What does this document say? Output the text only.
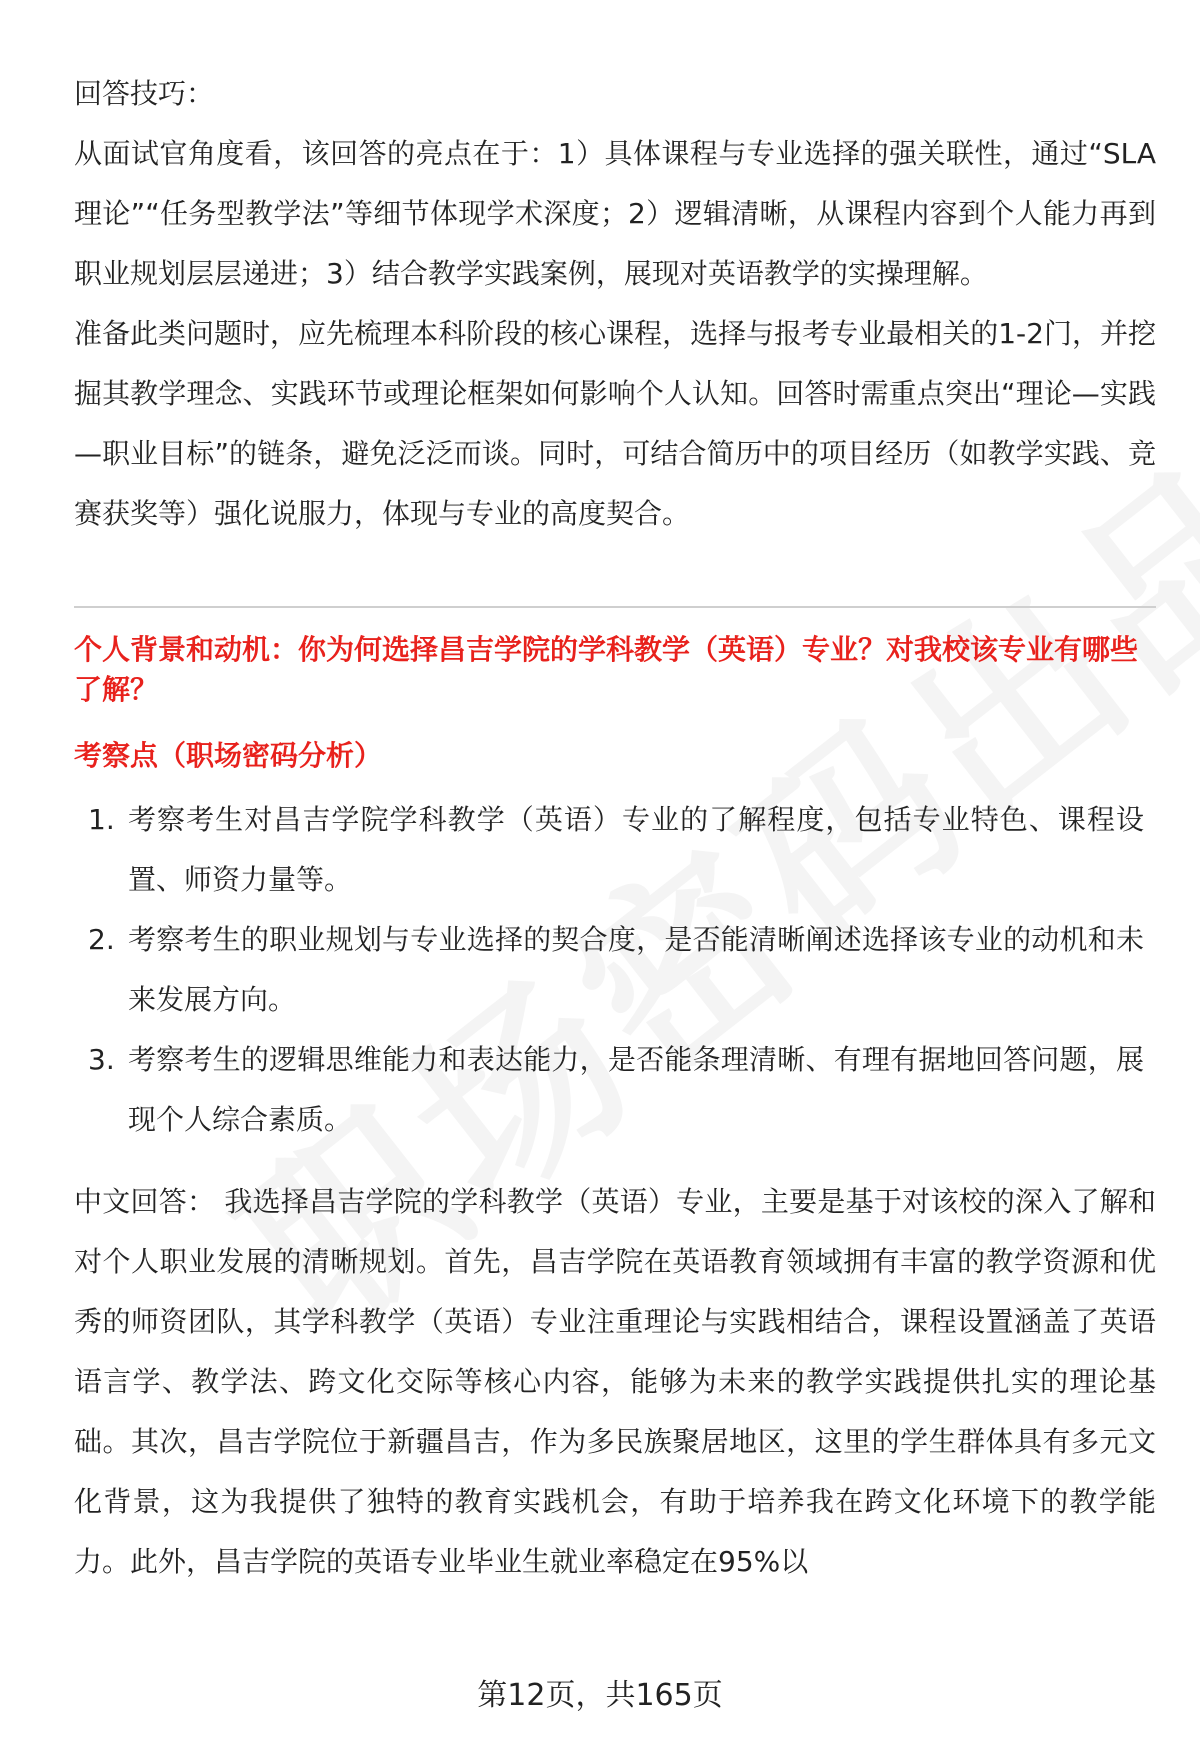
回答技巧：

从面试官角度看，该回答的亮点在于：1）具体课程与专业选择的强关联性，通过“SLA理论”“任务型教学法”等细节体现学术深度；2）逻辑清晰，从课程内容到个人能力再到职业规划层层递进；3）结合教学实践案例，展现对英语教学的实操理解。

准备此类问题时，应先梳理本科阶段的核心课程，选择与报考专业最相关的1-2门，并挖掘其教学理念、实践环节或理论框架如何影响个人认知。回答时需重点突出“理论—实践—职业目标”的链条，避免泛泛而谈。同时，可结合简历中的项目经历（如教学实践、竞赛获奖等）强化说服力，体现与专业的高度契合。

个人背景和动机：你为何选择昌吉学院的学科教学（英语）专业？对我校该专业有哪些了解？

考察点（职场密码分析）

1. 考察考生对昌吉学院学科教学（英语）专业的了解程度，包括专业特色、课程设置、师资力量等。
2. 考察考生的职业规划与专业选择的契合度，是否能清晰阐述选择该专业的动机和未来发展方向。
3. 考察考生的逻辑思维能力和表达能力，是否能条理清晰、有理有据地回答问题，展现个人综合素质。

中文回答： 我选择昌吉学院的学科教学（英语）专业，主要是基于对该校的深入了解和对个人职业发展的清晰规划。首先，昌吉学院在英语教育领域拥有丰富的教学资源和优秀的师资团队，其学科教学（英语）专业注重理论与实践相结合，课程设置涵盖了英语语言学、教学法、跨文化交际等核心内容，能够为未来的教学实践提供扎实的理论基础。其次，昌吉学院位于新疆昌吉，作为多民族聚居地区，这里的学生群体具有多元文化背景，这为我提供了独特的教育实践机会，有助于培养我在跨文化环境下的教学能力。此外，昌吉学院的英语专业毕业生就业率稳定在95%以

第12页，共165页
